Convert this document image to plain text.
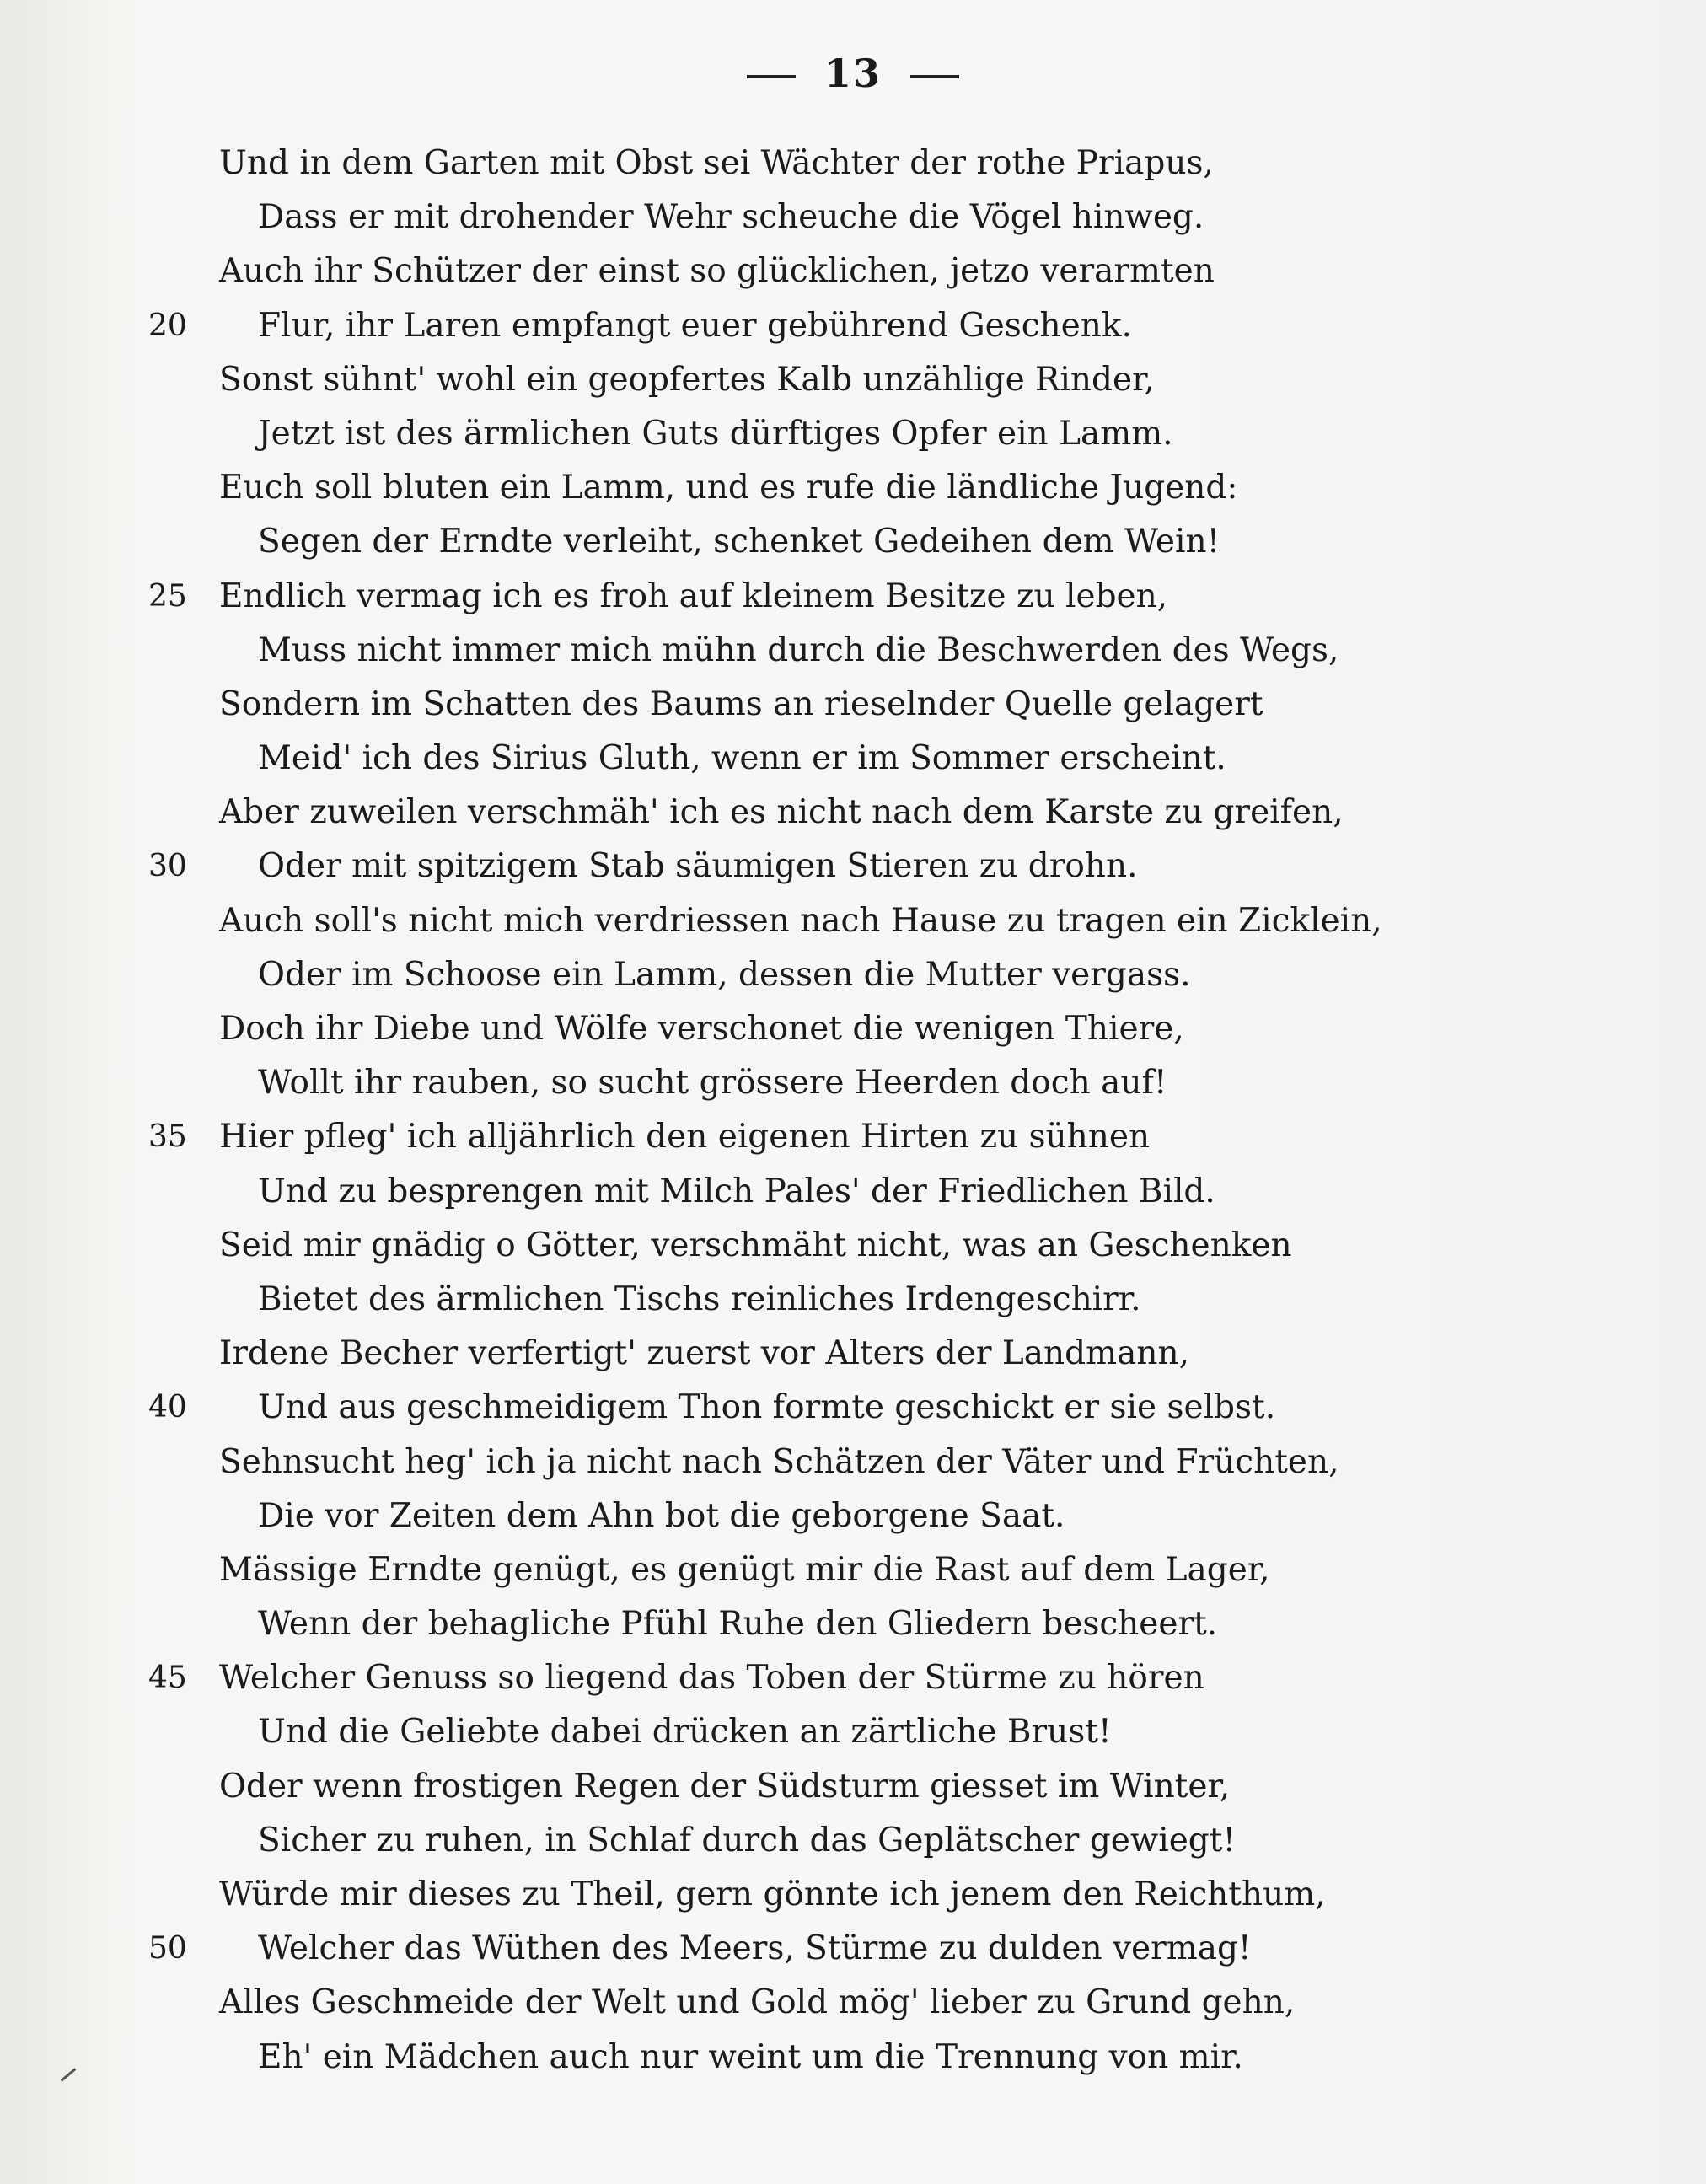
13
Und in dem Garten mit Obst sei Wächter der rothe Priapus,
Dass er mit drohender Wehr scheuche die Vögel hinweg.
Auch ihr Schützer der einst so glücklichen, jetzo verarmten
20	Flur, ihr Laren empfangt euer gebührend Geschenk.
Sonst sühnt' wohl ein geopfertes Kalb unzählige Rinder,
Jetzt ist des ärmlichen Guts dürftiges Opfer ein Lamm.
Euch soll bluten ein Lamm, und es rufe die ländliche Jugend:
Segen der Erndte verleiht, schenket Gedeihen dem Wein!
25 Endlich vermag ich es froh auf kleinem Besitze zu leben,
Muss nicht immer mich mühn durch die Beschwerden des Wegs,
Sondern im Schatten des Baums an rieselnder Quelle gelagert
Meid' ich des Sirius Gluth, wenn er im Sommer erscheint.
Aber zuweilen verschmäh' ich es nicht nach dem Karste zu greifen,
30	Oder mit spitzigem Stab säumigen Stieren zu drohn.
Auch soll's nicht mich verdriessen nach Hause zu tragen ein Zicklein,
Oder im Schoose ein Lamm, dessen die Mutter vergass.
Doch ihr Diebe und Wölfe verschonet die wenigen Thiere,
Wollt ihr rauben, so sucht grössere Heerden doch auf!
35 Hier pfleg' ich alljährlich den eigenen Hirten zu sühnen
Und zu besprengen mit Milch Pales' der Friedlichen Bild.
Seid mir gnädig o Götter, verschmäht nicht, was an Geschenken
Bietet des ärmlichen Tischs reinliches Irdengeschirr.
Irdene Becher verfertigt' zuerst vor Alters der Landmann,
40	Und aus geschmeidigem Thon formte geschickt er sie selbst.
Sehnsucht heg' ich ja nicht nach Schätzen der Väter und Früchten,
Die vor Zeiten dem Ahn bot die geborgene Saat.
Mässige Erndte genügt, es genügt mir die Rast auf dem Lager,
Wenn der behagliche Pfühl Ruhe den Gliedern bescheert.
45 Welcher Genuss so liegend das Toben der Stürme zu hören
Und die Geliebte dabei drücken an zärtliche Brust!
Oder wenn frostigen Regen der Südsturm giesset im Winter,
Sicher zu ruhen, in Schlaf durch das Geplätscher gewiegt!
Würde mir dieses zu Theil, gern gönnte ich jenem den Reichthum,
50	Welcher das Wüthen des Meers, Stürme zu dulden vermag!
Alles Geschmeide der Welt und Gold mög' lieber zu Grund gehn,
Eh' ein Mädchen auch nur weint um die Trennung von mir.
